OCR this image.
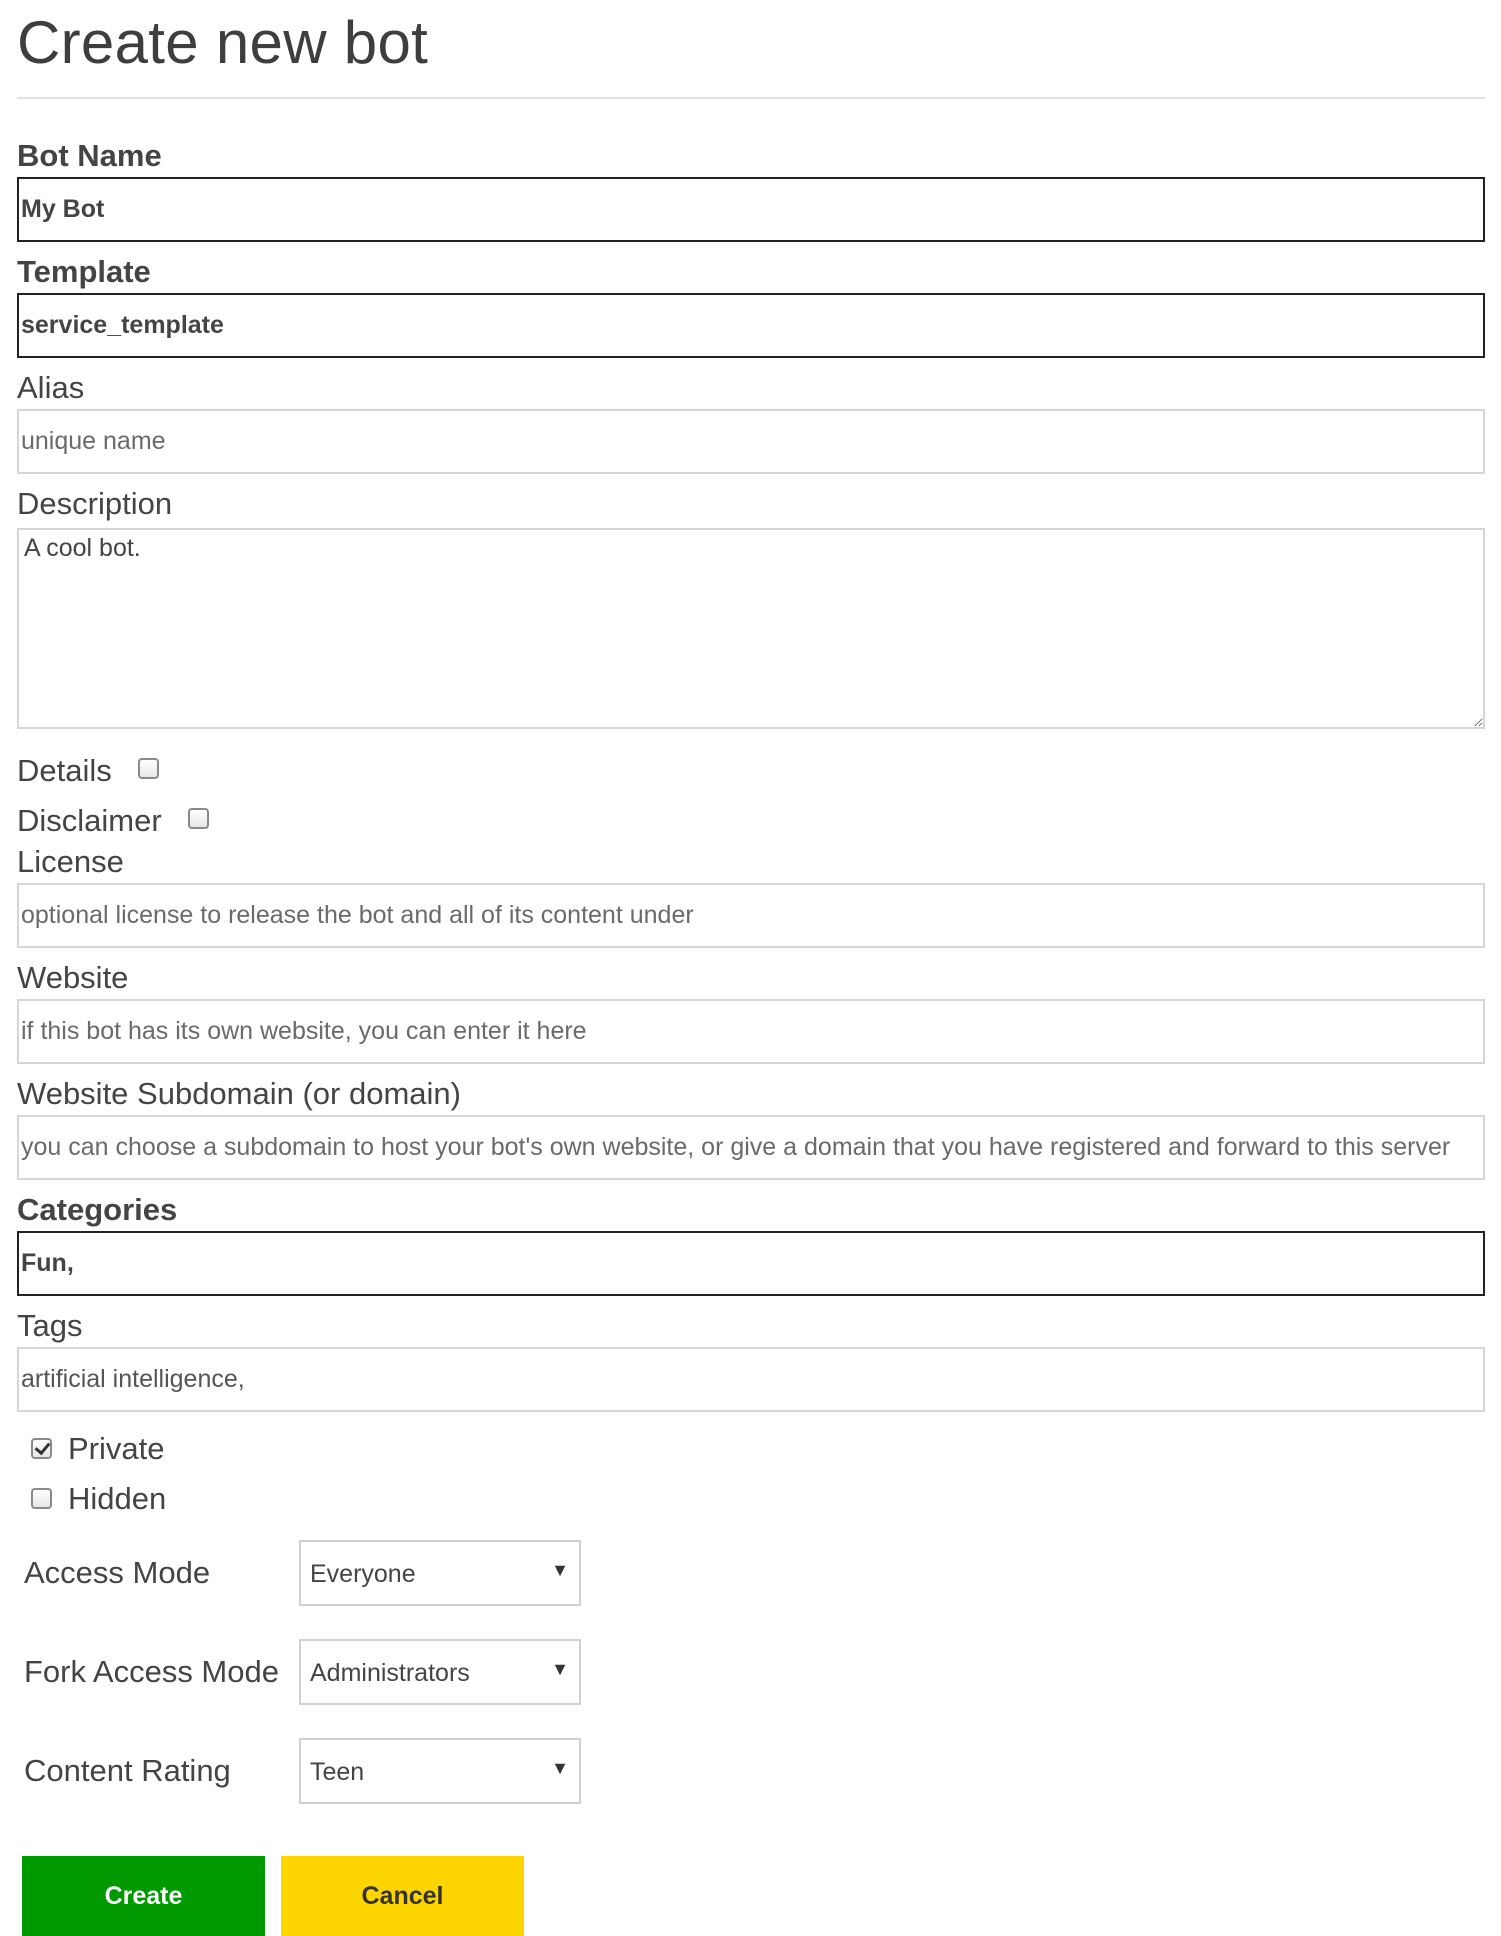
Create new bot
Bot Name
My Bot
Template
service_template
Alias
unique name
Description
A cool bot.
Details
Disclaimer
License
optional license to release the bot and all of its content under
Website
if this bot has its own website, you can enter it here
Website Subdomain (or domain)
you can choose a subdomain to host your bot's own website, or give a domain that you have registered and forward to this server
Categories
Fun,
Tags
artificial intelligence,
Private
Hidden
Access Mode	Everyone	▼
Fork Access Mode Administrators	▼
Content Rating	Teen	▼
Create	Cancel
